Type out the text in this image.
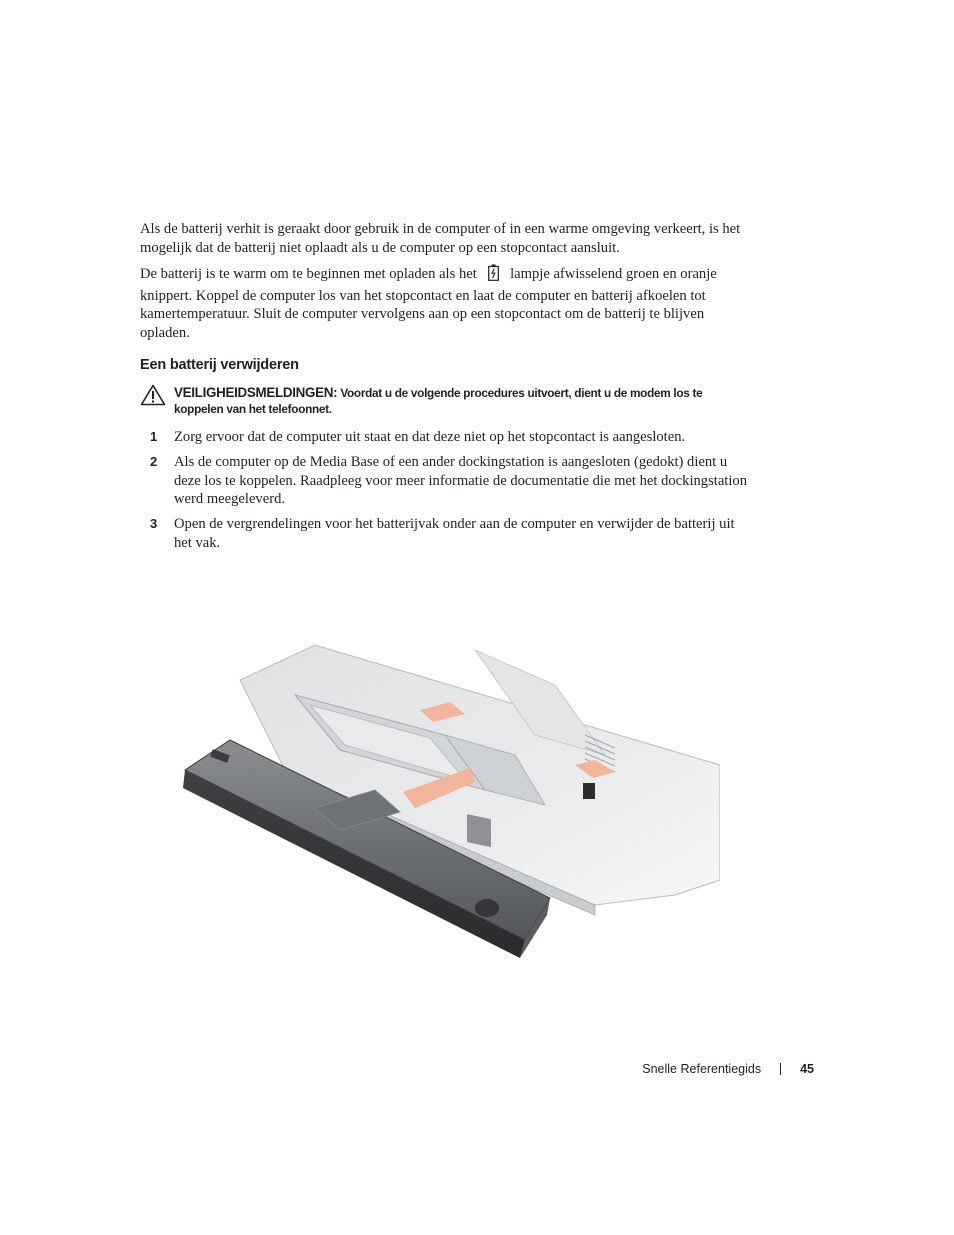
Als de batterij verhit is geraakt door gebruik in de computer of in een warme omgeving verkeert, is het mogelijk dat de batterij niet oplaadt als u de computer op een stopcontact aansluit.

De batterij is te warm om te beginnen met opladen als het lampje afwisselend groen en oranje knippert. Koppel de computer los van het stopcontact en laat de computer en batterij afkoelen tot kamertemperatuur. Sluit de computer vervolgens aan op een stopcontact om de batterij te blijven opladen.

Een batterij verwijderen

VEILIGHEIDSMELDINGEN: Voordat u de volgende procedures uitvoert, dient u de modem los te koppelen van het telefoonnet.

1 Zorg ervoor dat de computer uit staat en dat deze niet op het stopcontact is aangesloten.
2 Als de computer op de Media Base of een ander dockingstation is aangesloten (gedokt) dient u deze los te koppelen. Raadpleeg voor meer informatie de documentatie die met het dockingstation werd meegeleverd.
3 Open de vergrendelingen voor het batterijvak onder aan de computer en verwijder de batterij uit het vak.
Snelle Referentiegids	45
